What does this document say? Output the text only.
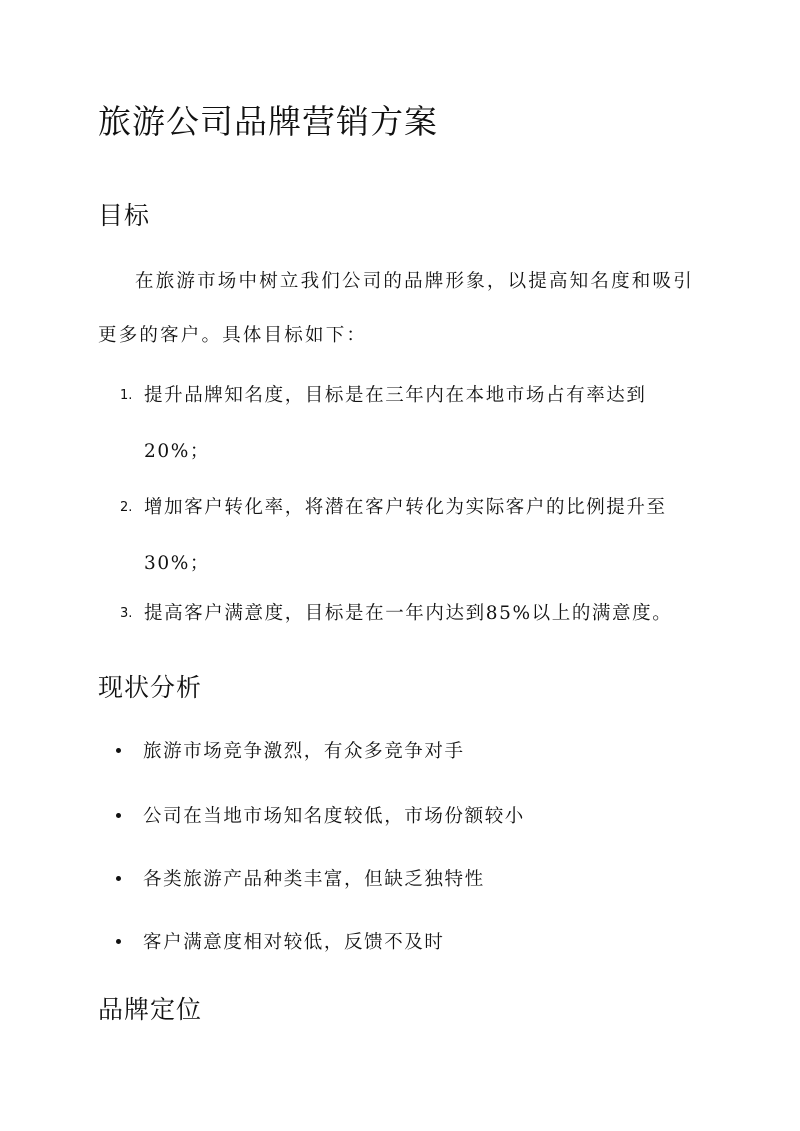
旅游公司品牌营销方案
目标

在旅游市场中树立我们公司的品牌形象，以提高知名度和吸引更多的客户。具体目标如下：

1. 提升品牌知名度，目标是在三年内在本地市场占有率达到20%；
2. 增加客户转化率，将潜在客户转化为实际客户的比例提升至30%；
3. 提高客户满意度，目标是在一年内达到85%以上的满意度。
现状分析
旅游市场竞争激烈，有众多竞争对手
公司在当地市场知名度较低，市场份额较小
各类旅游产品种类丰富，但缺乏独特性
客户满意度相对较低，反馈不及时
品牌定位
